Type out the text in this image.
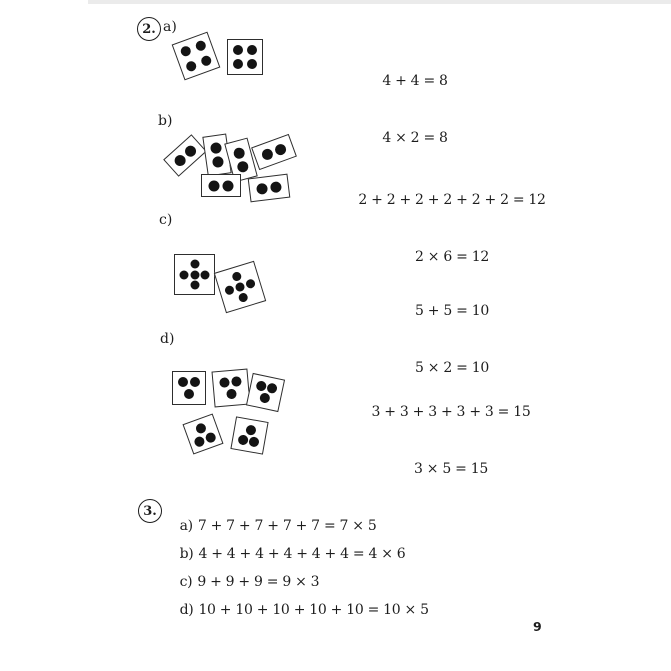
2. a)
b)
c)
d)

4 + 4 = 8

4 × 2 = 8

2 + 2 + 2 + 2 + 2 + 2 = 12

2 × 6 = 12

5 + 5 = 10

5 × 2 = 10

3 + 3 + 3 + 3 + 3 = 15

3 × 5 = 15

3.

a) 7 + 7 + 7 + 7 + 7 = 7 × 5

b) 4 + 4 + 4 + 4 + 4 + 4 = 4 × 6

c) 9 + 9 + 9 = 9 × 3

d) 10 + 10 + 10 + 10 + 10 = 10 × 5

9
